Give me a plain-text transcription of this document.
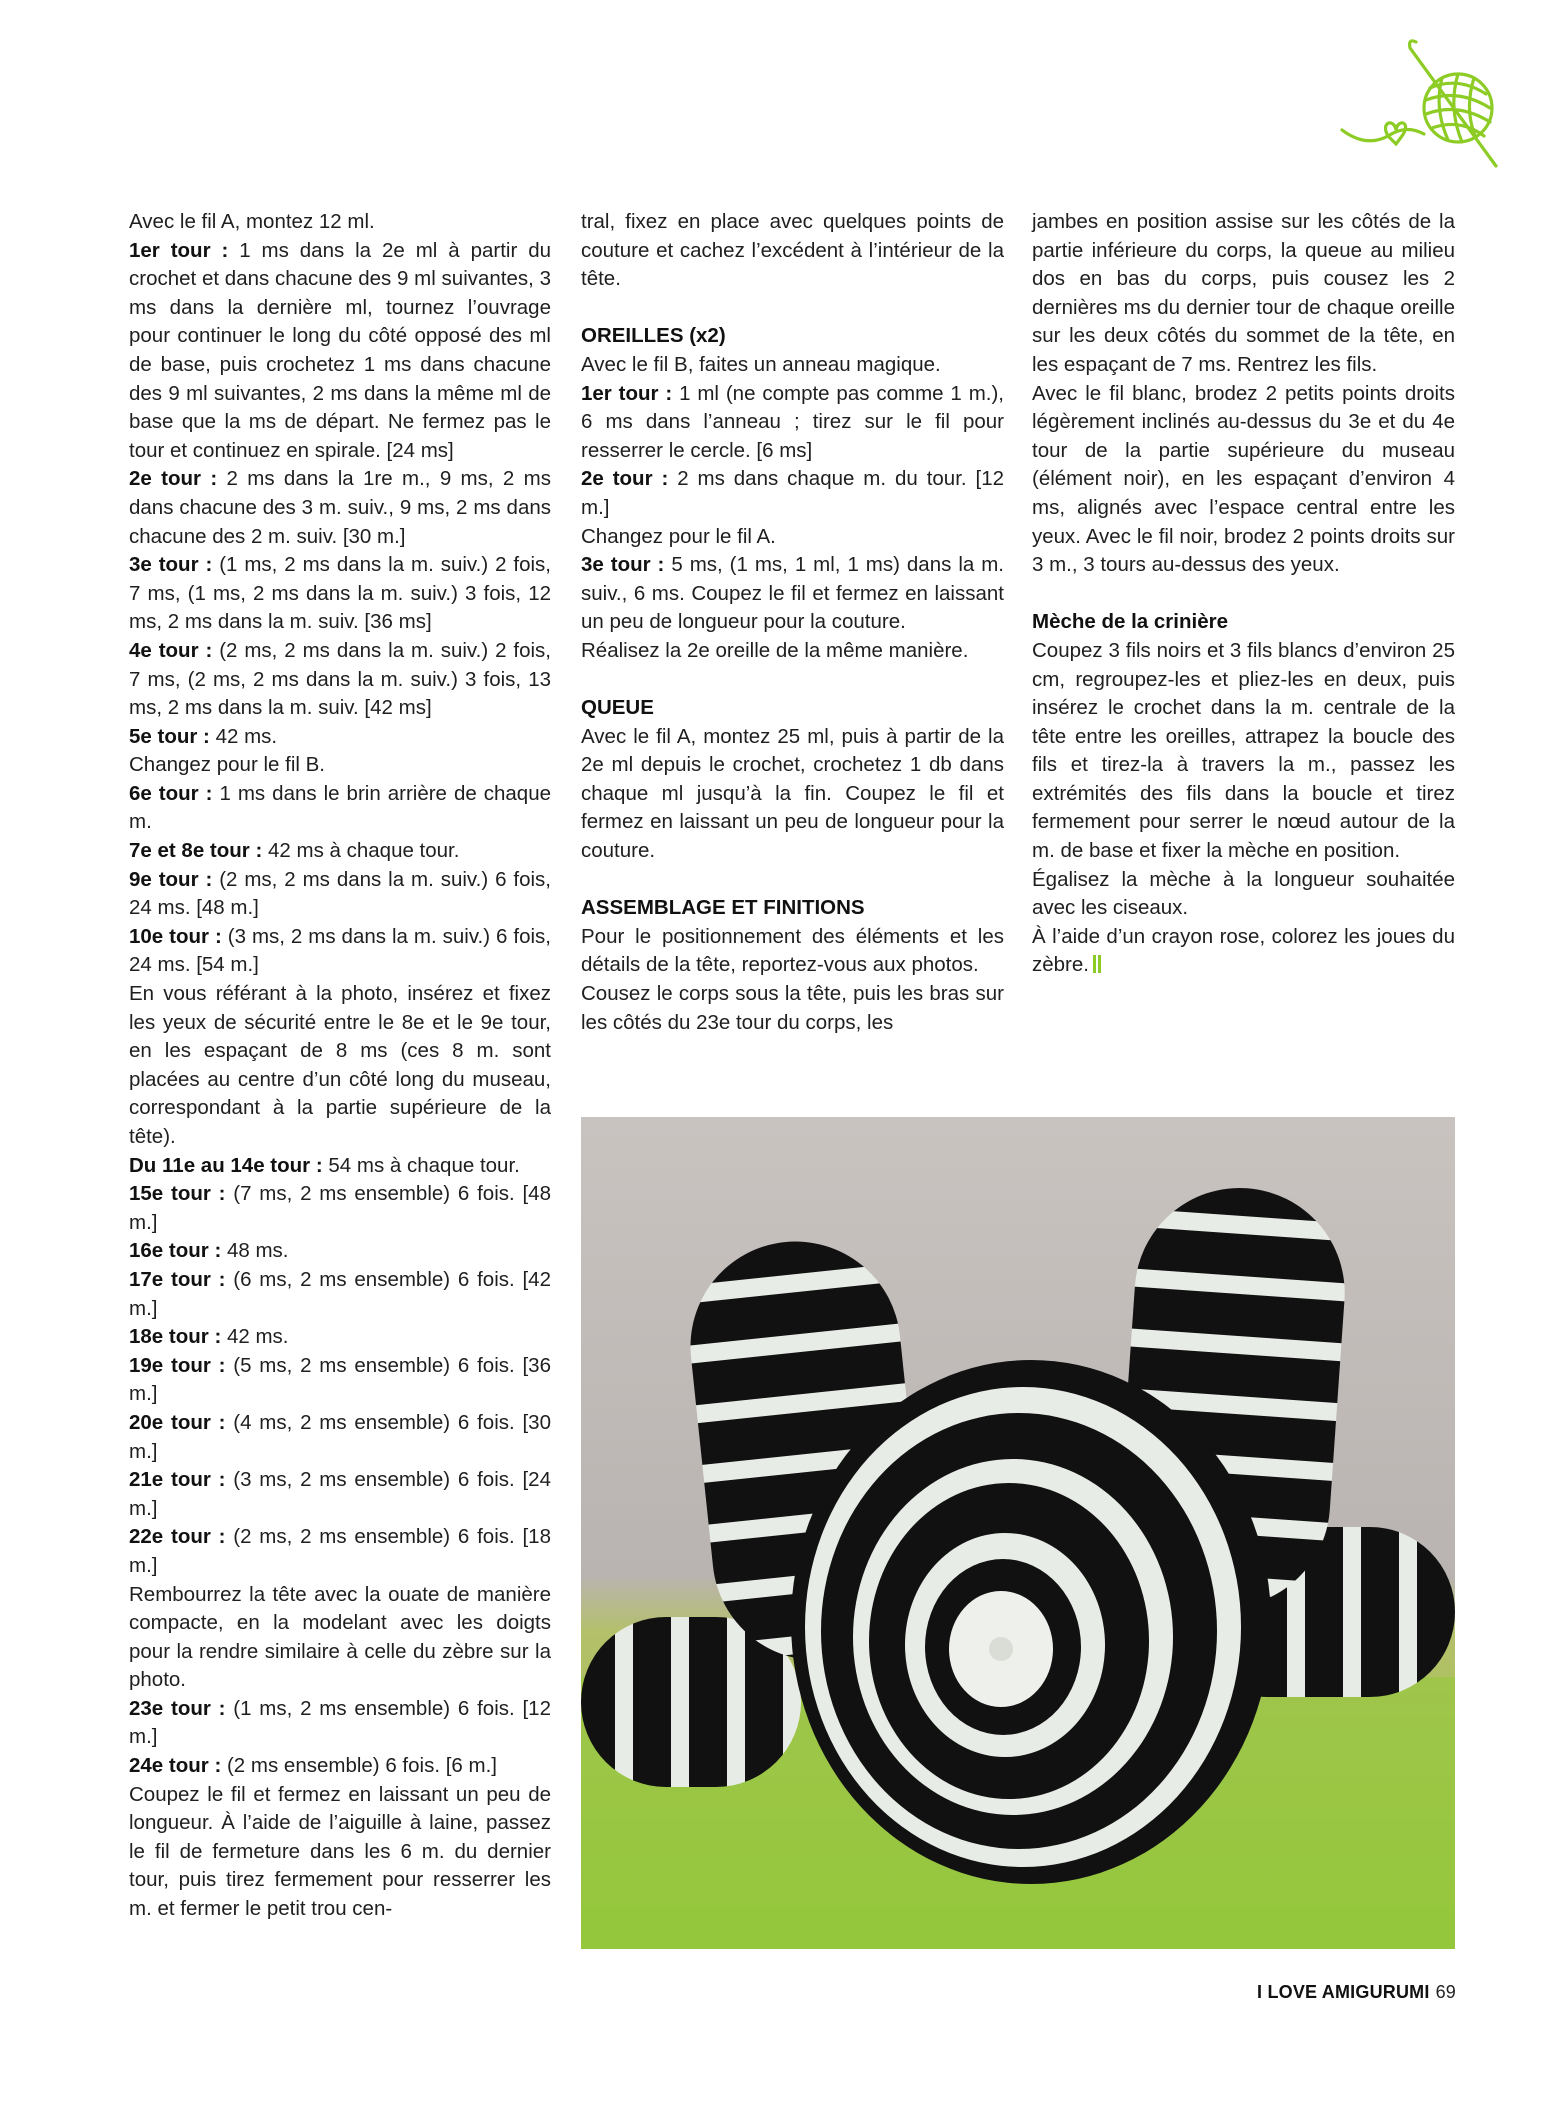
Avec le fil A, montez 12 ml.

1er tour : 1 ms dans la 2e ml à partir du crochet et dans chacune des 9 ml suivantes, 3 ms dans la dernière ml, tournez l’ouvrage pour continuer le long du côté opposé des ml de base, puis crochetez 1 ms dans chacune des 9 ml suivantes, 2 ms dans la même ml de base que la ms de départ. Ne fermez pas le tour et continuez en spirale. [24 ms]

2e tour : 2 ms dans la 1re m., 9 ms, 2 ms dans chacune des 3 m. suiv., 9 ms, 2 ms dans chacune des 2 m. suiv. [30 m.]

3e tour : (1 ms, 2 ms dans la m. suiv.) 2 fois, 7 ms, (1 ms, 2 ms dans la m. suiv.) 3 fois, 12 ms, 2 ms dans la m. suiv. [36 ms]

4e tour : (2 ms, 2 ms dans la m. suiv.) 2 fois, 7 ms, (2 ms, 2 ms dans la m. suiv.) 3 fois, 13 ms, 2 ms dans la m. suiv. [42 ms]

5e tour : 42 ms.

Changez pour le fil B.

6e tour : 1 ms dans le brin arrière de chaque m.

7e et 8e tour : 42 ms à chaque tour.

9e tour : (2 ms, 2 ms dans la m. suiv.) 6 fois, 24 ms. [48 m.]

10e tour : (3 ms, 2 ms dans la m. suiv.) 6 fois, 24 ms. [54 m.]

En vous référant à la photo, insérez et fixez les yeux de sécurité entre le 8e et le 9e tour, en les espaçant de 8 ms (ces 8 m. sont placées au centre d’un côté long du museau, correspondant à la partie supérieure de la tête).

Du 11e au 14e tour : 54 ms à chaque tour.

15e tour : (7 ms, 2 ms ensemble) 6 fois. [48 m.]

16e tour : 48 ms.

17e tour : (6 ms, 2 ms ensemble) 6 fois. [42 m.]

18e tour : 42 ms.

19e tour : (5 ms, 2 ms ensemble) 6 fois. [36 m.]

20e tour : (4 ms, 2 ms ensemble) 6 fois. [30 m.]

21e tour : (3 ms, 2 ms ensemble) 6 fois. [24 m.]

22e tour : (2 ms, 2 ms ensemble) 6 fois. [18 m.]

Rembourrez la tête avec la ouate de manière compacte, en la modelant avec les doigts pour la rendre similaire à celle du zèbre sur la photo.

23e tour : (1 ms, 2 ms ensemble) 6 fois. [12 m.]

24e tour : (2 ms ensemble) 6 fois. [6 m.]

Coupez le fil et fermez en laissant un peu de longueur. À l’aide de l’aiguille à laine, passez le fil de fermeture dans les 6 m. du dernier tour, puis tirez fermement pour resserrer les m. et fermer le petit trou cen-

tral, fixez en place avec quelques points de couture et cachez l’excédent à l’intérieur de la tête.

OREILLES (x2)

Avec le fil B, faites un anneau magique.

1er tour : 1 ml (ne compte pas comme 1 m.), 6 ms dans l’anneau ; tirez sur le fil pour resserrer le cercle. [6 ms]

2e tour : 2 ms dans chaque m. du tour. [12 m.]

Changez pour le fil A.

3e tour : 5 ms, (1 ms, 1 ml, 1 ms) dans la m. suiv., 6 ms. Coupez le fil et fermez en laissant un peu de longueur pour la couture.

Réalisez la 2e oreille de la même manière.

QUEUE

Avec le fil A, montez 25 ml, puis à partir de la 2e ml depuis le crochet, crochetez 1 db dans chaque ml jusqu’à la fin. Coupez le fil et fermez en laissant un peu de longueur pour la couture.

ASSEMBLAGE ET FINITIONS

Pour le positionnement des éléments et les détails de la tête, reportez-vous aux photos.

Cousez le corps sous la tête, puis les bras sur les côtés du 23e tour du corps, les

jambes en position assise sur les côtés de la partie inférieure du corps, la queue au milieu dos en bas du corps, puis cousez les 2 dernières ms du dernier tour de chaque oreille sur les deux côtés du sommet de la tête, en les espaçant de 7 ms. Rentrez les fils.

Avec le fil blanc, brodez 2 petits points droits légèrement inclinés au-dessus du 3e et du 4e tour de la partie supérieure du museau (élément noir), en les espaçant d’environ 4 ms, alignés avec l’espace central entre les yeux. Avec le fil noir, brodez 2 points droits sur 3 m., 3 tours au-dessus des yeux.

Mèche de la crinière

Coupez 3 fils noirs et 3 fils blancs d’environ 25 cm, regroupez-les et pliez-les en deux, puis insérez le crochet dans la m. centrale de la tête entre les oreilles, attrapez la boucle des fils et tirez-la à travers la m., passez les extrémités des fils dans la boucle et tirez fermement pour serrer le nœud autour de la m. de base et fixer la mèche en position.

Égalisez la mèche à la longueur souhaitée avec les ciseaux.

À l’aide d’un crayon rose, colorez les joues du zèbre.

I LOVE AMIGURUMI 69
